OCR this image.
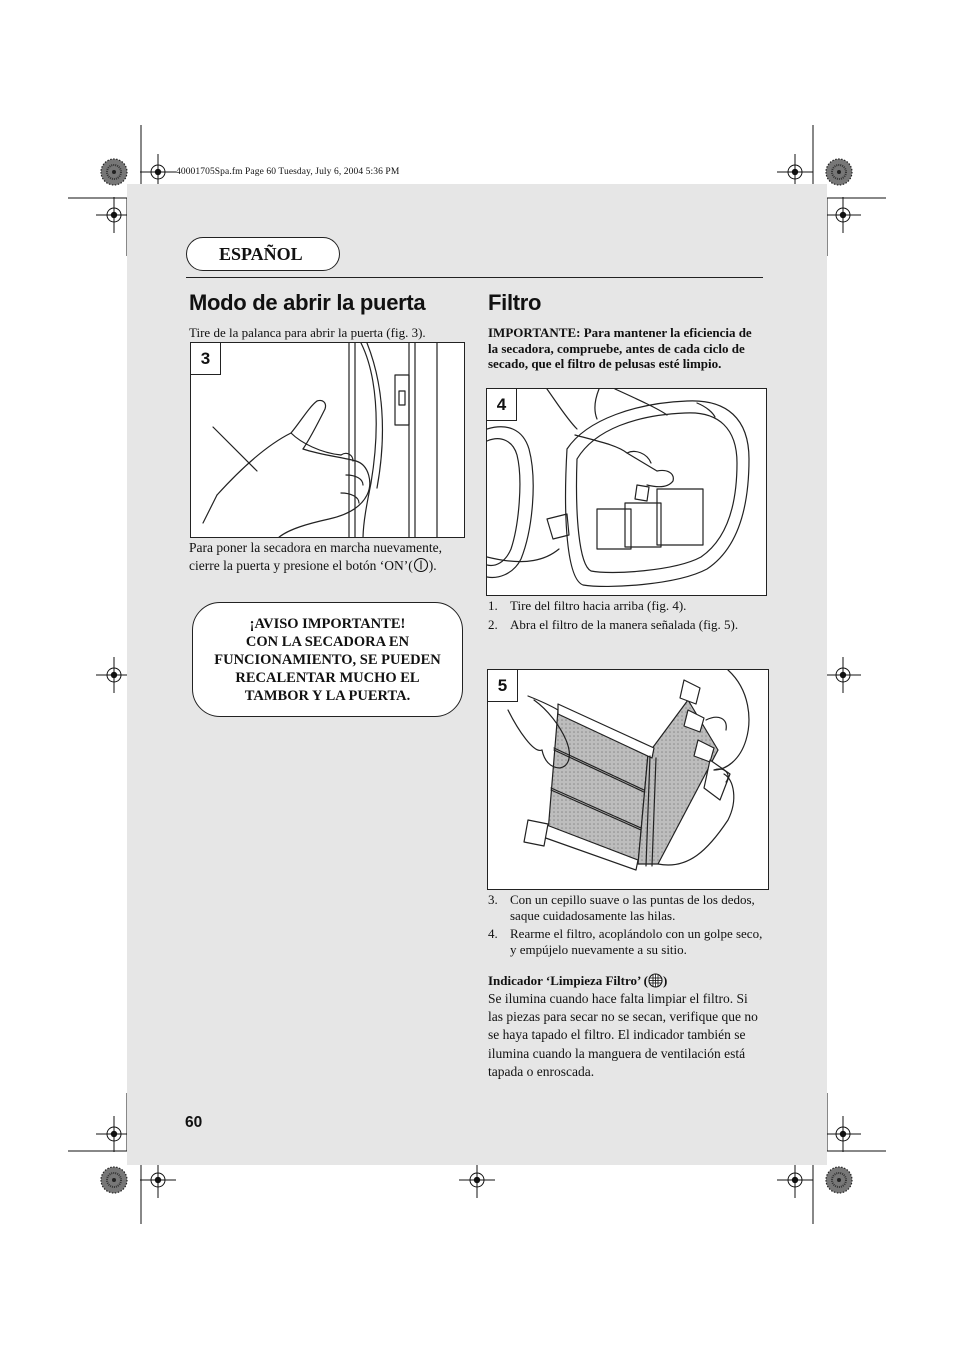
40001705Spa.fm Page 60 Tuesday, July 6, 2004 5:36 PM
ESPAÑOL
Modo de abrir la puerta
Tire de la palanca para abrir la puerta (fig. 3).
3
Para poner la secadora en marcha nuevamente, cierre la puerta y presione el botón ‘ON’( ).
¡AVISO IMPORTANTE!
CON LA SECADORA EN
FUNCIONAMIENTO, SE PUEDEN
RECALENTAR MUCHO EL
TAMBOR Y LA PUERTA.
Filtro
IMPORTANTE: Para mantener la eficiencia de la secadora, compruebe, antes de cada ciclo de secado, que el filtro de pelusas esté limpio.
4
1. Tire del filtro hacia arriba (fig. 4).
2. Abra el filtro de la manera señalada (fig. 5).
5
3. Con un cepillo suave o las puntas de los dedos, saque cuidadosamente las hilas.
4. Rearme el filtro, acoplándolo con un golpe seco, y empújelo nuevamente a su sitio.
Indicador ‘Limpieza Filtro’ ( )
Se ilumina cuando hace falta limpiar el filtro. Si las piezas para secar no se secan, verifique que no se haya tapado el filtro. El indicador también se ilumina cuando la manguera de ventilación está tapada o enroscada.
60
